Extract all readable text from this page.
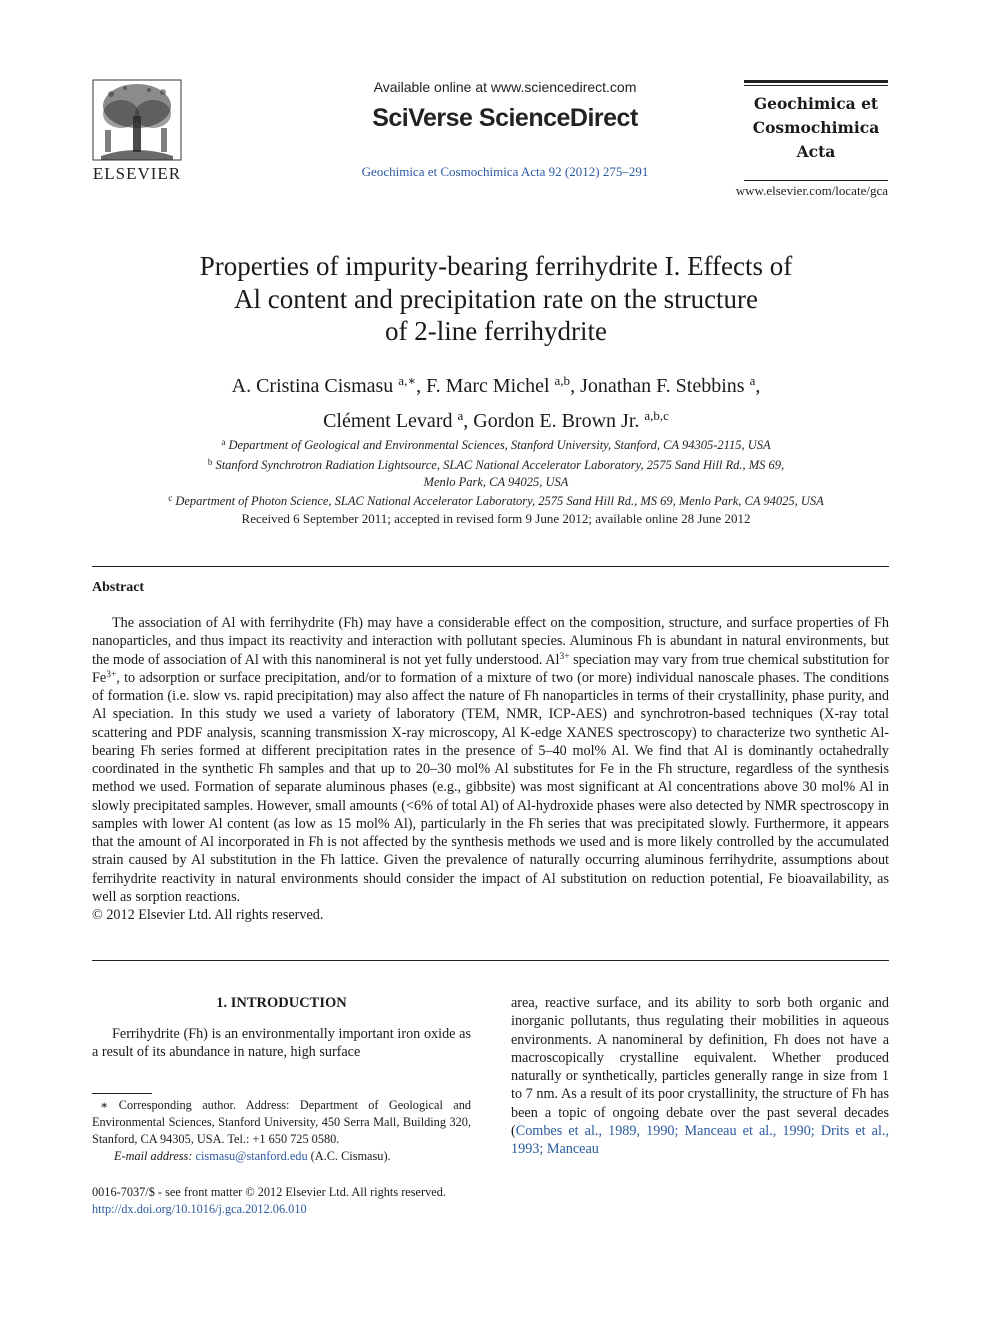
ELSEVIER
Available online at www.sciencedirect.com
SciVerse ScienceDirect
Geochimica et Cosmochimica Acta 92 (2012) 275–291
Geochimica et
Cosmochimica
Acta
www.elsevier.com/locate/gca
Properties of impurity-bearing ferrihydrite I. Effects of
Al content and precipitation rate on the structure
of 2-line ferrihydrite
A. Cristina Cismasu $^{a,∗}$, F. Marc Michel $^{a,b}$, Jonathan F. Stebbins $^a$,
Clément Levard $^a$, Gordon E. Brown Jr. $^{a,b,c}$
$^a$ Department of Geological and Environmental Sciences, Stanford University, Stanford, CA 94305-2115, USA
$^b$ Stanford Synchrotron Radiation Lightsource, SLAC National Accelerator Laboratory, 2575 Sand Hill Rd., MS 69,
Menlo Park, CA 94025, USA
$^c$ Department of Photon Science, SLAC National Accelerator Laboratory, 2575 Sand Hill Rd., MS 69, Menlo Park, CA 94025, USA
Received 6 September 2011; accepted in revised form 9 June 2012; available online 28 June 2012
Abstract

The association of Al with ferrihydrite (Fh) may have a considerable effect on the composition, structure, and surface properties of Fh nanoparticles, and thus impact its reactivity and interaction with pollutant species. Aluminous Fh is abundant in natural environments, but the mode of association of Al with this nanomineral is not yet fully understood. $Al^{3+}$ speciation may vary from true chemical substitution for $Fe^{3+}$, to adsorption or surface precipitation, and/or to formation of a mixture of two (or more) individual nanoscale phases. The conditions of formation (i.e. slow vs. rapid precipitation) may also affect the nature of Fh nanoparticles in terms of their crystallinity, phase purity, and Al speciation. In this study we used a variety of laboratory (TEM, NMR, ICP-AES) and synchrotron-based techniques (X-ray total scattering and PDF analysis, scanning transmission X-ray microscopy, Al K-edge XANES spectroscopy) to characterize two synthetic Al-bearing Fh series formed at different precipitation rates in the presence of 5–40 mol% Al. We find that Al is dominantly octahedrally coordinated in the synthetic Fh samples and that up to 20–30 mol% Al substitutes for Fe in the Fh structure, regardless of the synthesis method we used. Formation of separate aluminous phases (e.g., gibbsite) was most significant at Al concentrations above 30 mol% Al in slowly precipitated samples. However, small amounts (<6% of total Al) of Al-hydroxide phases were also detected by NMR spectroscopy in samples with lower Al content (as low as 15 mol% Al), particularly in the Fh series that was precipitated slowly. Furthermore, it appears that the amount of Al incorporated in Fh is not affected by the synthesis methods we used and is more likely controlled by the accumulated strain caused by Al substitution in the Fh lattice. Given the prevalence of naturally occurring aluminous ferrihydrite, assumptions about ferrihydrite reactivity in natural environments should consider the impact of Al substitution on reduction potential, Fe bioavailability, as well as sorption reactions.

© 2012 Elsevier Ltd. All rights reserved.
1. INTRODUCTION
Ferrihydrite (Fh) is an environmentally important iron oxide as a result of its abundance in nature, high surface
area, reactive surface, and its ability to sorb both organic and inorganic pollutants, thus regulating their mobilities in aqueous environments. A nanomineral by definition, Fh does not have a macroscopically crystalline equivalent. Whether produced naturally or synthetically, particles generally range in size from 1 to 7 nm. As a result of its poor crystallinity, the structure of Fh has been a topic of ongoing debate over the past several decades (Combes et al., 1989, 1990; Manceau et al., 1990; Drits et al., 1993; Manceau
∗ Corresponding author. Address: Department of Geological and Environmental Sciences, Stanford University, 450 Serra Mall, Building 320, Stanford, CA 94305, USA. Tel.: +1 650 725 0580.
E-mail address: cismasu@stanford.edu (A.C. Cismasu).
0016-7037/$ - see front matter © 2012 Elsevier Ltd. All rights reserved.
http://dx.doi.org/10.1016/j.gca.2012.06.010
